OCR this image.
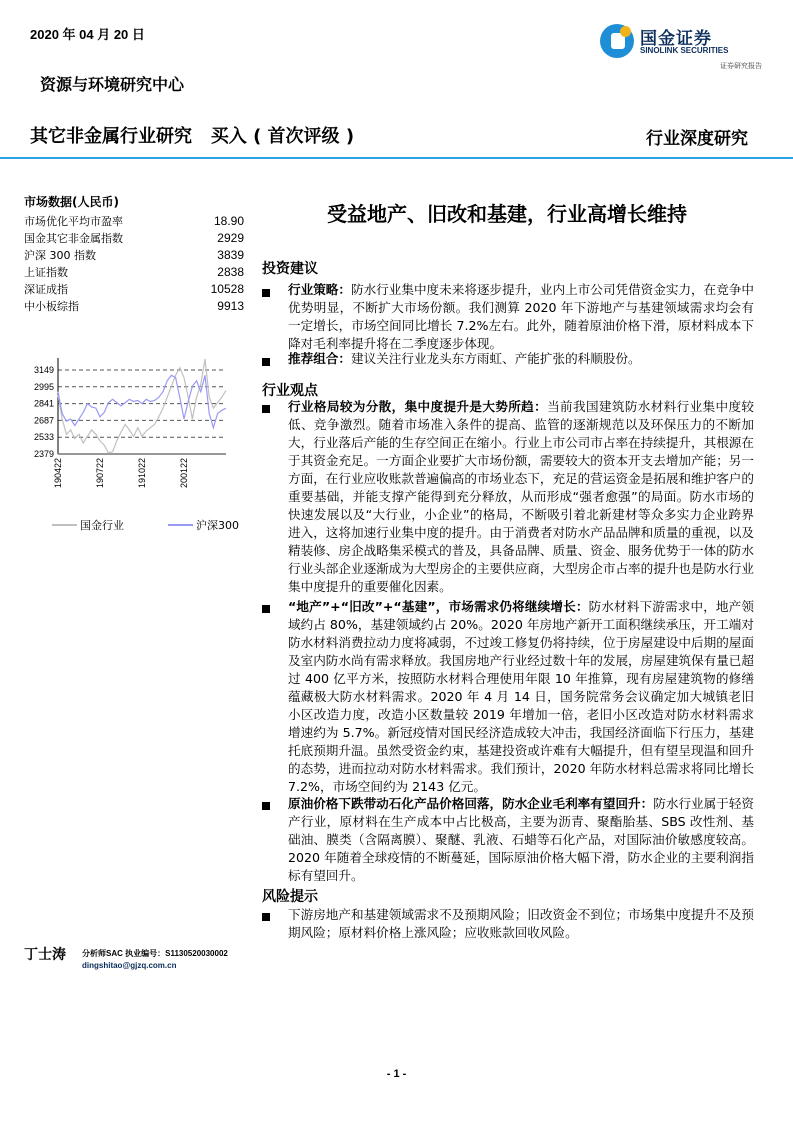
2020 年 04 月 20 日	国金证券
SINOLINK SECURITIES
证券研究报告
资源与环境研究中心
其它非金属行业研究   买入 ( 首次评级 )	行业深度研究
市场数据(人民币)
市场优化平均市盈率	18.90
国金其它非金属指数	2929
沪深 300 指数	3839
上证指数	2838
深证成指	10528
中小板综指	9913
3149
2995
2841
2687
2533
2379
190422	190722	191022	200122
国金行业	沪深300
受益地产、旧改和基建，行业高增长维持
投资建议
行业策略：防水行业集中度未来将逐步提升，业内上市公司凭借资金实力，在竞争中优势明显，不断扩大市场份额。我们测算 2020 年下游地产与基建领域需求均会有一定增长，市场空间同比增长 7.2%左右。此外，随着原油价格下滑，原材料成本下降对毛利率提升将在二季度逐步体现。
推荐组合：建议关注行业龙头东方雨虹、产能扩张的科顺股份。
行业观点
行业格局较为分散，集中度提升是大势所趋：当前我国建筑防水材料行业集中度较低、竞争激烈。随着市场准入条件的提高、监管的逐渐规范以及环保压力的不断加大，行业落后产能的生存空间正在缩小。行业上市公司市占率在持续提升，其根源在于其资金充足。一方面企业要扩大市场份额，需要较大的资本开支去增加产能；另一方面，在行业应收账款普遍偏高的市场业态下，充足的营运资金是拓展和维护客户的重要基础，并能支撑产能得到充分释放，从而形成“强者愈强”的局面。防水市场的快速发展以及“大行业，小企业”的格局，不断吸引着北新建材等众多实力企业跨界进入，这将加速行业集中度的提升。由于消费者对防水产品品牌和质量的重视，以及精装修、房企战略集采模式的普及，具备品牌、质量、资金、服务优势于一体的防水行业头部企业逐渐成为大型房企的主要供应商，大型房企市占率的提升也是防水行业集中度提升的重要催化因素。
“地产”+“旧改”+“基建”，市场需求仍将继续增长：防水材料下游需求中，地产领域约占 80%，基建领域约占 20%。2020 年房地产新开工面积继续承压，开工端对防水材料消费拉动力度将减弱，不过竣工修复仍将持续，位于房屋建设中后期的屋面及室内防水尚有需求释放。我国房地产行业经过数十年的发展，房屋建筑保有量已超过 400 亿平方米，按照防水材料合理使用年限 10 年推算，现有房屋建筑物的修缮蕴藏极大防水材料需求。2020 年 4 月 14 日，国务院常务会议确定加大城镇老旧小区改造力度，改造小区数量较 2019 年增加一倍，老旧小区改造对防水材料需求增速约为 5.7%。新冠疫情对国民经济造成较大冲击，我国经济面临下行压力，基建托底预期升温。虽然受资金约束，基建投资或许难有大幅提升，但有望呈现温和回升的态势，进而拉动对防水材料需求。我们预计，2020 年防水材料总需求将同比增长 7.2%，市场空间约为 2143 亿元。
原油价格下跌带动石化产品价格回落，防水企业毛利率有望回升：防水行业属于轻资产行业，原材料在生产成本中占比极高，主要为沥青、聚酯胎基、SBS 改性剂、基础油、膜类（含隔离膜）、聚醚、乳液、石蜡等石化产品，对国际油价敏感度较高。2020 年随着全球疫情的不断蔓延，国际原油价格大幅下滑，防水企业的主要利润指标有望回升。
风险提示
下游房地产和基建领域需求不及预期风险；旧改资金不到位；市场集中度提升不及预期风险；原材料价格上涨风险；应收账款回收风险。
丁士涛 分析师SAC 执业编号：S1130520030002
dingshitao@gjzq.com.cn
- 1 -
